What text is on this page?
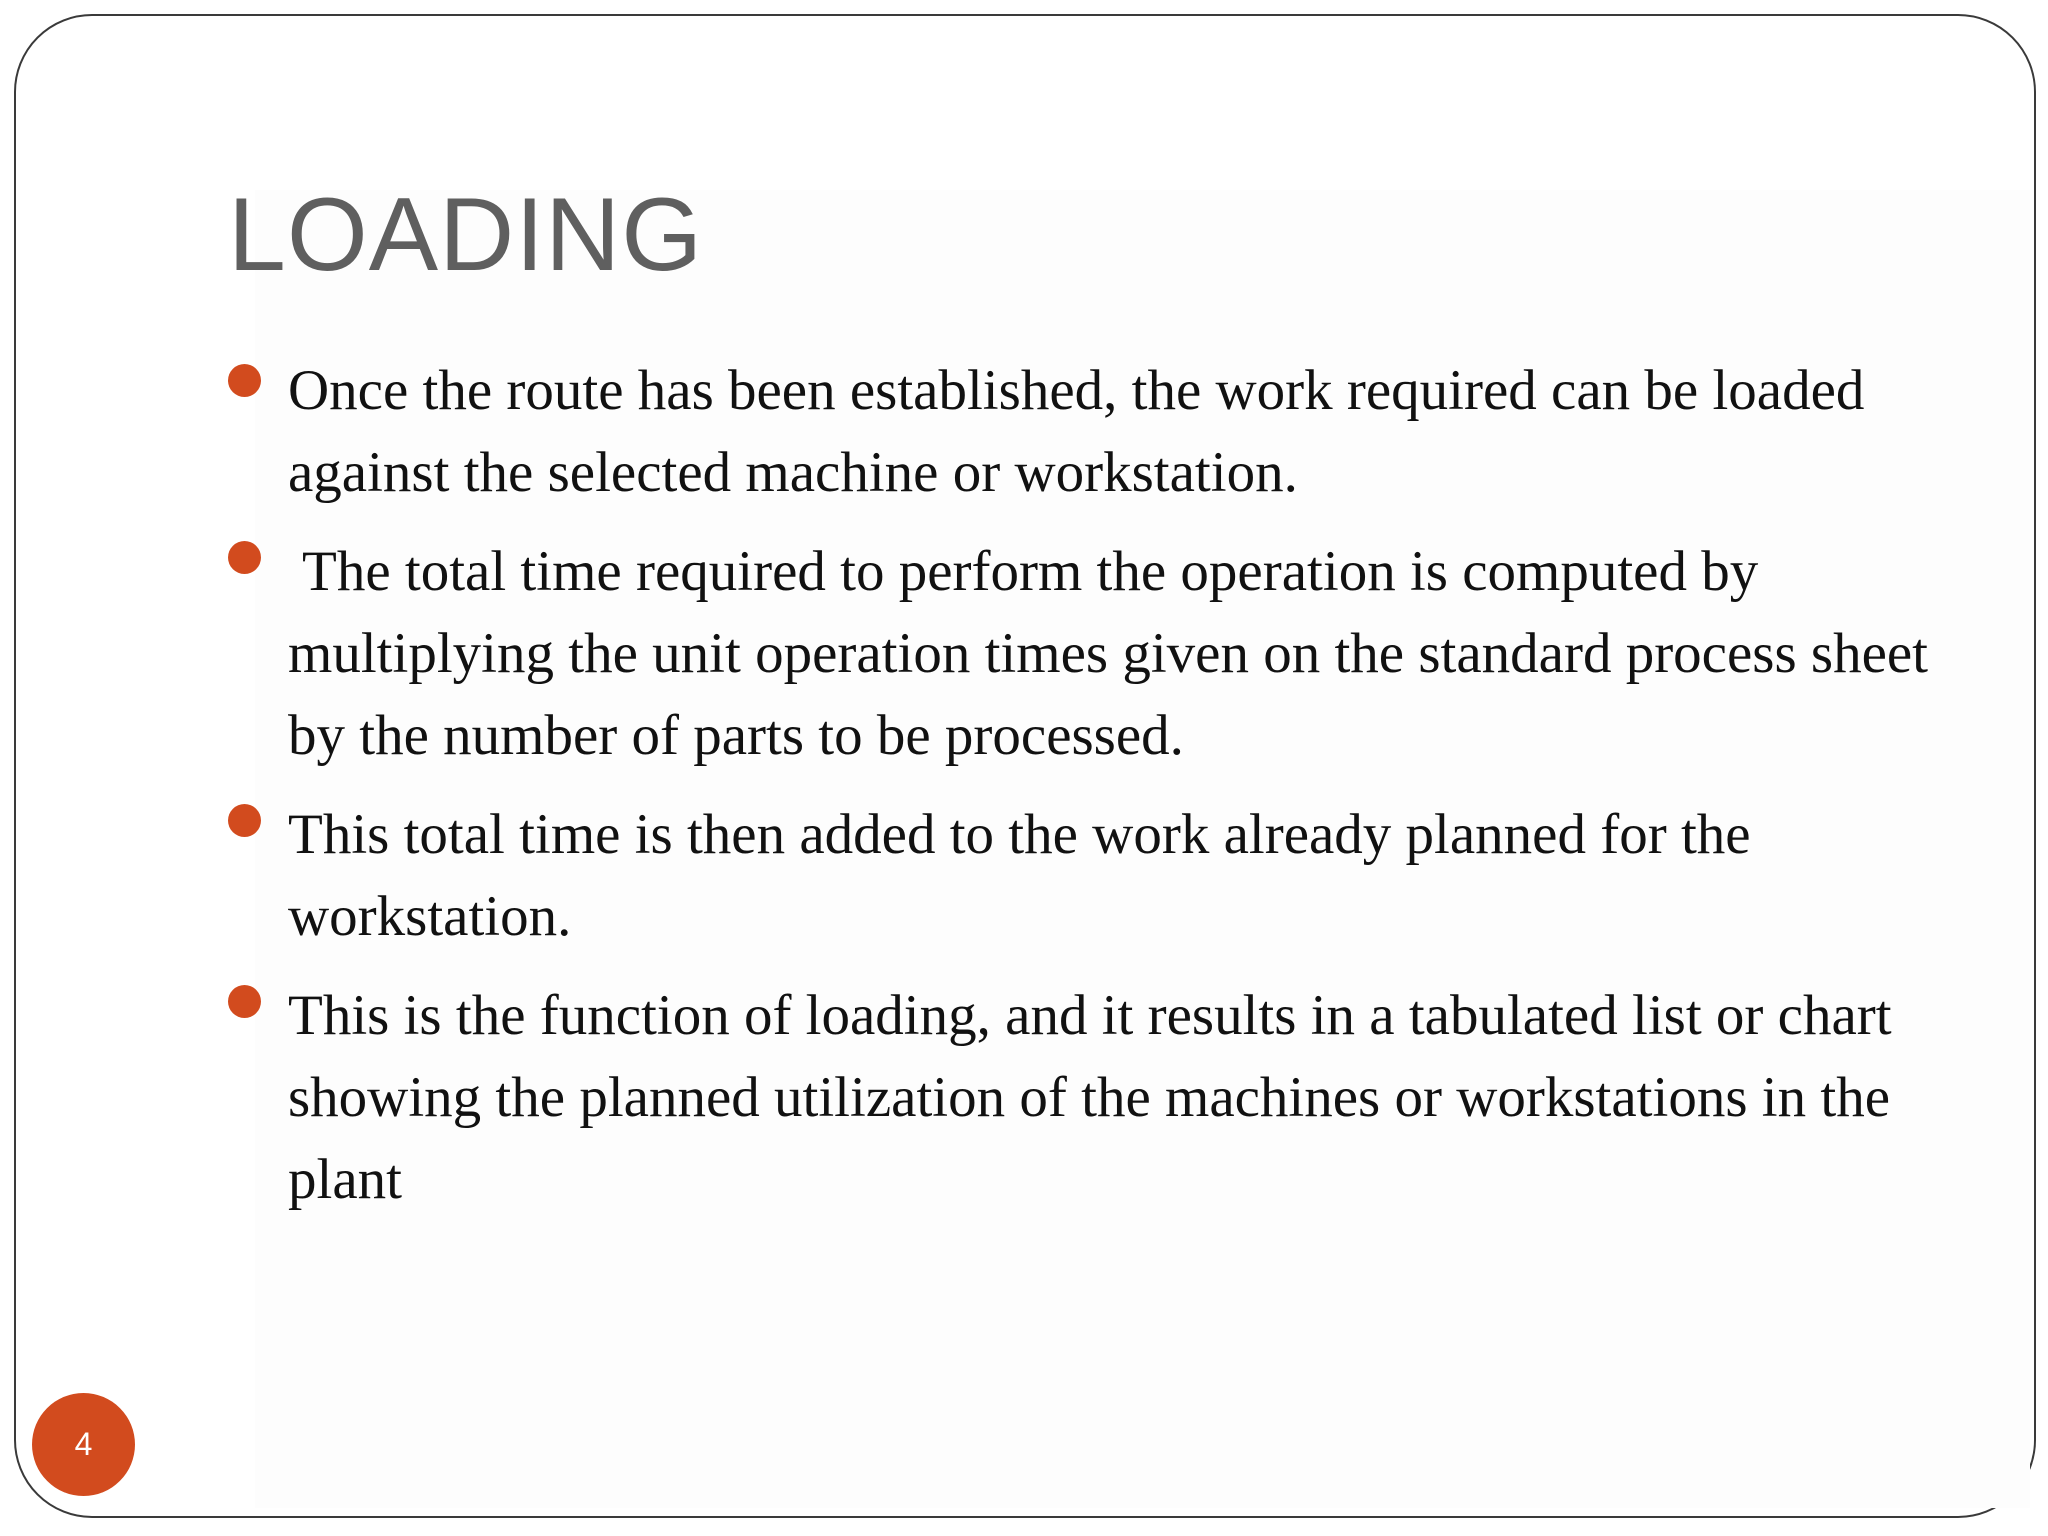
LOADING
Once the route has been established, the work required can be loaded against the selected machine or workstation.
The total time required to perform the operation is computed by multiplying the unit operation times given on the standard process sheet by the number of parts to be processed.
This total time is then added to the work already planned for the workstation.
This is the function of loading, and it results in a tabulated list or chart showing the planned utilization of the machines or workstations in the plant
4
